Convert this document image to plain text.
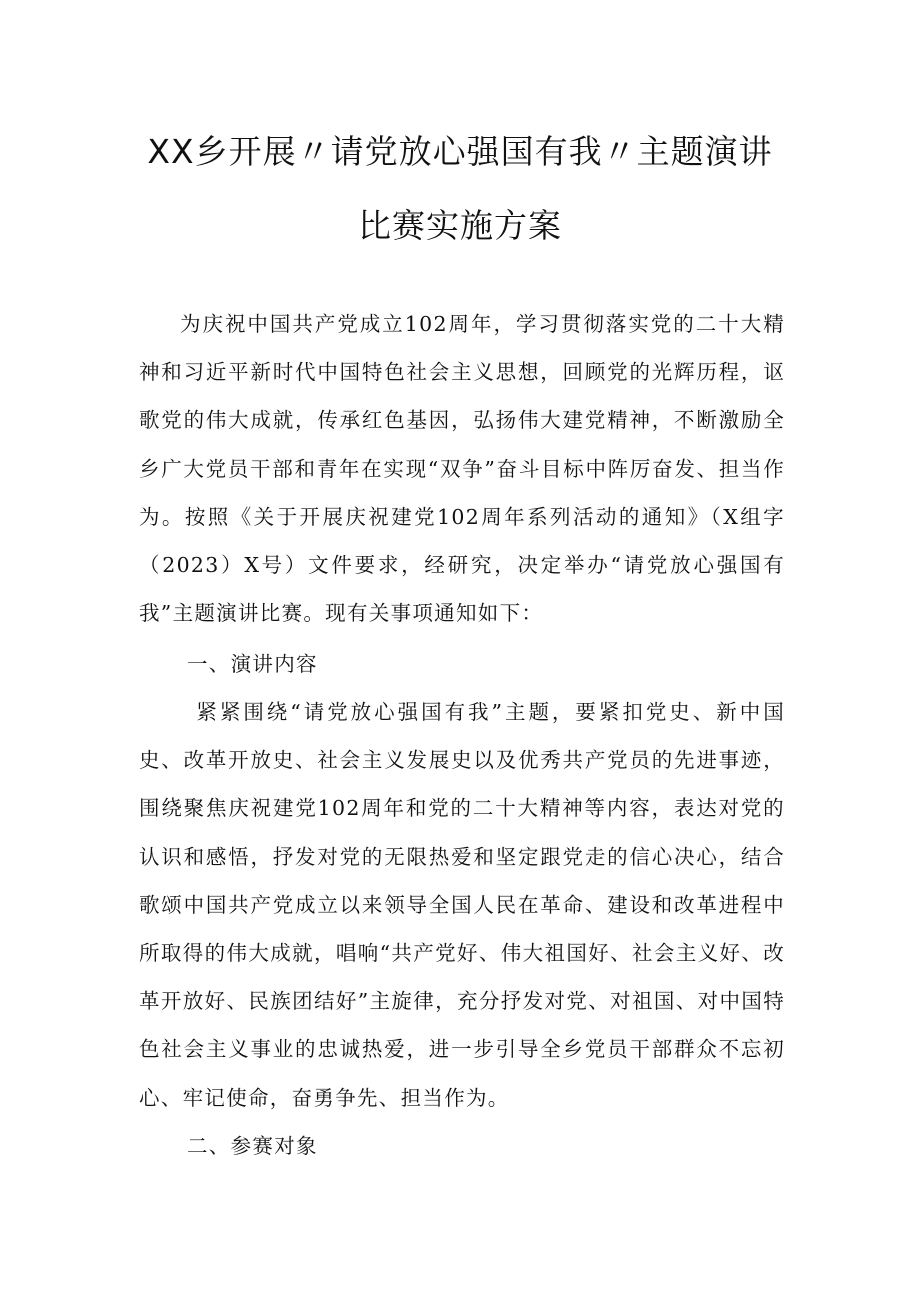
XX乡开展〃请党放心强国有我〃主题演讲
比赛实施方案

为庆祝中国共产党成立102周年，学习贯彻落实党的二十大精神和习近平新时代中国特色社会主义思想，回顾党的光辉历程，讴歌党的伟大成就，传承红色基因，弘扬伟大建党精神，不断激励全乡广大党员干部和青年在实现“双争”奋斗目标中阵厉奋发、担当作为。按照《关于开展庆祝建党102周年系列活动的通知》（X组字（2023）X号）文件要求，经研究，决定举办“请党放心强国有我”主题演讲比赛。现有关事项通知如下：

一、演讲内容

紧紧围绕“请党放心强国有我”主题，要紧扣党史、新中国史、改革开放史、社会主义发展史以及优秀共产党员的先进事迹，围绕聚焦庆祝建党102周年和党的二十大精神等内容，表达对党的认识和感悟，抒发对党的无限热爱和坚定跟党走的信心决心，结合歌颂中国共产党成立以来领导全国人民在革命、建设和改革进程中所取得的伟大成就，唱响“共产党好、伟大祖国好、社会主义好、改革开放好、民族团结好”主旋律，充分抒发对党、对祖国、对中国特色社会主义事业的忠诚热爱，进一步引导全乡党员干部群众不忘初心、牢记使命，奋勇争先、担当作为。

二、参赛对象
